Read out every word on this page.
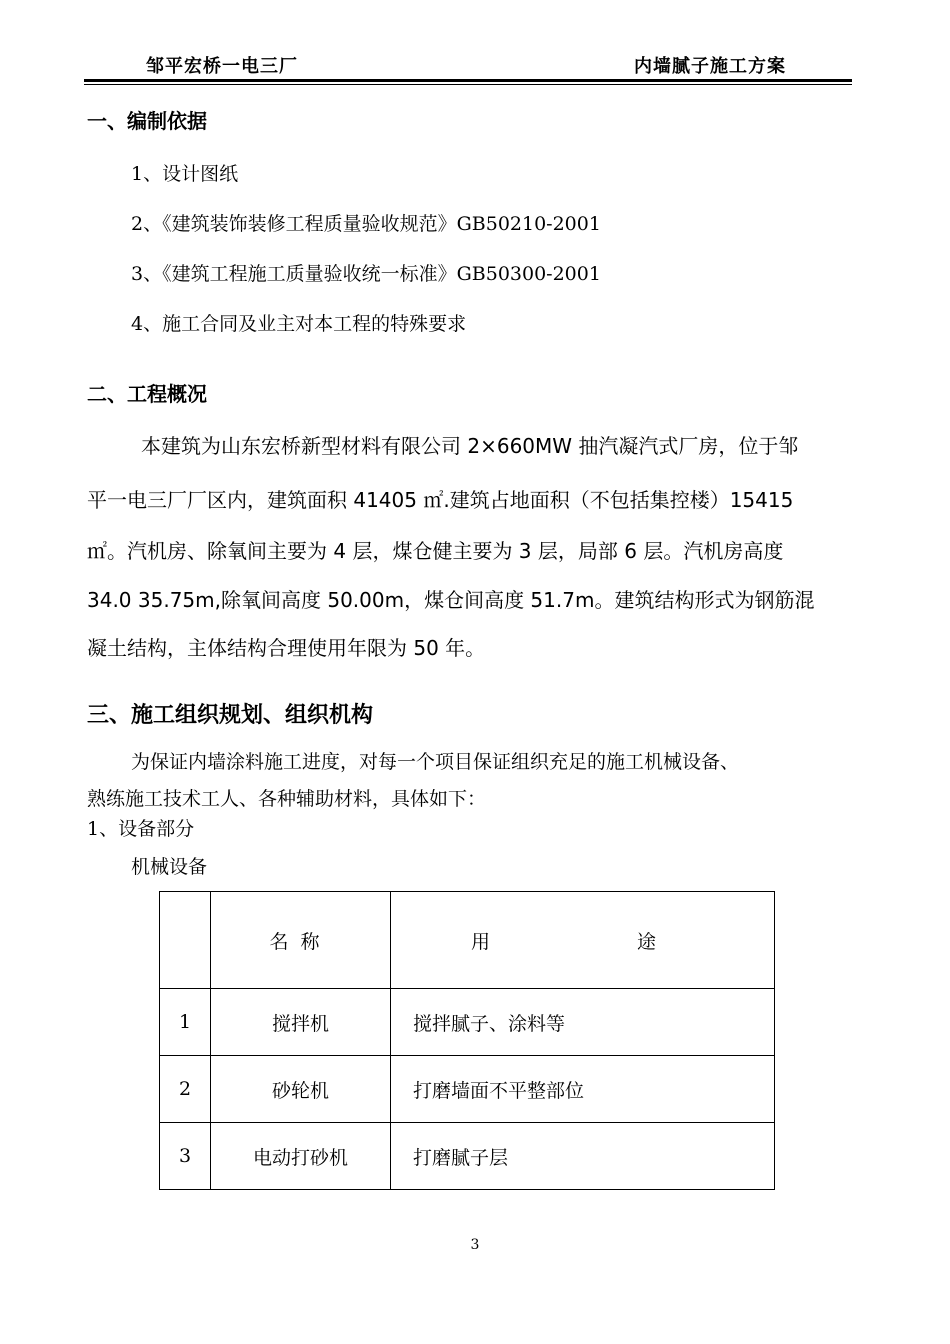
邹平宏桥一电三厂	内墙腻子施工方案
一、编制依据
1、设计图纸
2、《建筑装饰装修工程质量验收规范》GB50210-2001
3、《建筑工程施工质量验收统一标准》GB50300-2001
4、施工合同及业主对本工程的特殊要求
二、工程概况
本建筑为山东宏桥新型材料有限公司 2×660MW 抽汽凝汽式厂房，位于邹
平一电三厂厂区内，建筑面积 41405 ㎡.建筑占地面积（不包括集控楼）15415
㎡。汽机房、除氧间主要为 4 层，煤仓健主要为 3 层，局部 6 层。汽机房高度
34.0 35.75m,除氧间高度 50.00m，煤仓间高度 51.7m。建筑结构形式为钢筋混
凝土结构，主体结构合理使用年限为 50 年。
三、施工组织规划、组织机构
为保证内墙涂料施工进度，对每一个项目保证组织充足的施工机械设备、
熟练施工技术工人、各种辅助材料，具体如下：
1、设备部分
机械设备
	名称	用 途

1	搅拌机	搅拌腻子、涂料等
2	砂轮机	打磨墙面不平整部位
3	电动打砂机	打磨腻子层
3
